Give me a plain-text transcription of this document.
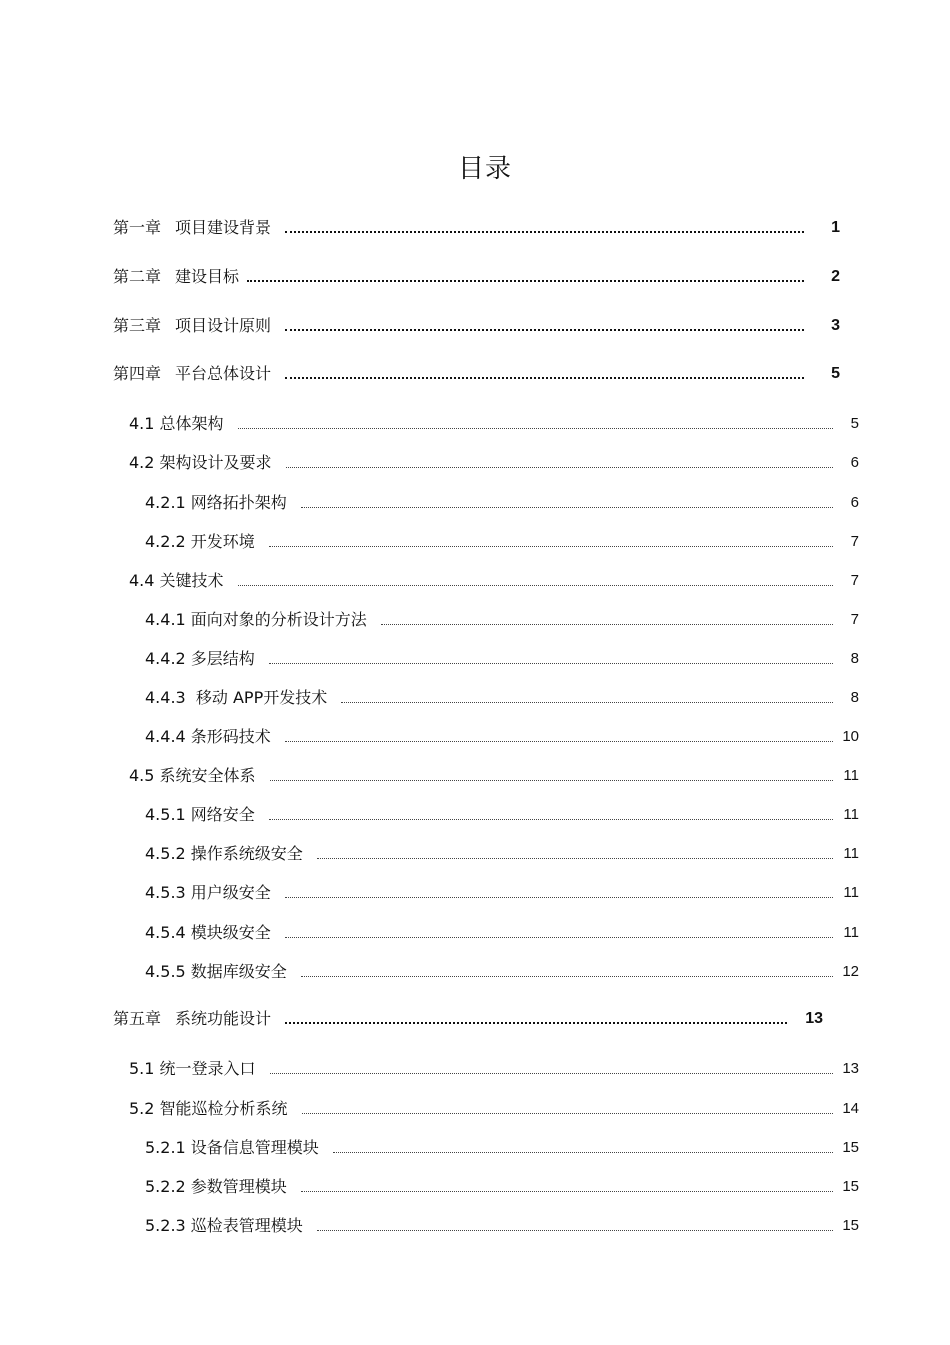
目录
第一章 项目建设背景	1
第二章 建设目标	2
第三章 项目设计原则	3
第四章 平台总体设计	5
4.1 总体架构	5
4.2 架构设计及要求	6
4.2.1 网络拓扑架构	6
4.2.2 开发环境	7
4.4 关键技术	7
4.4.1 面向对象的分析设计方法	7
4.4.2 多层结构	8
4.4.3  移动 APP开发技术	8
4.4.4 条形码技术	10
4.5 系统安全体系	11
4.5.1 网络安全	11
4.5.2 操作系统级安全	11
4.5.3 用户级安全	11
4.5.4 模块级安全	11
4.5.5 数据库级安全	12
第五章 系统功能设计	13
5.1 统一登录入口	13
5.2 智能巡检分析系统	14
5.2.1 设备信息管理模块	15
5.2.2 参数管理模块	15
5.2.3 巡检表管理模块	15
